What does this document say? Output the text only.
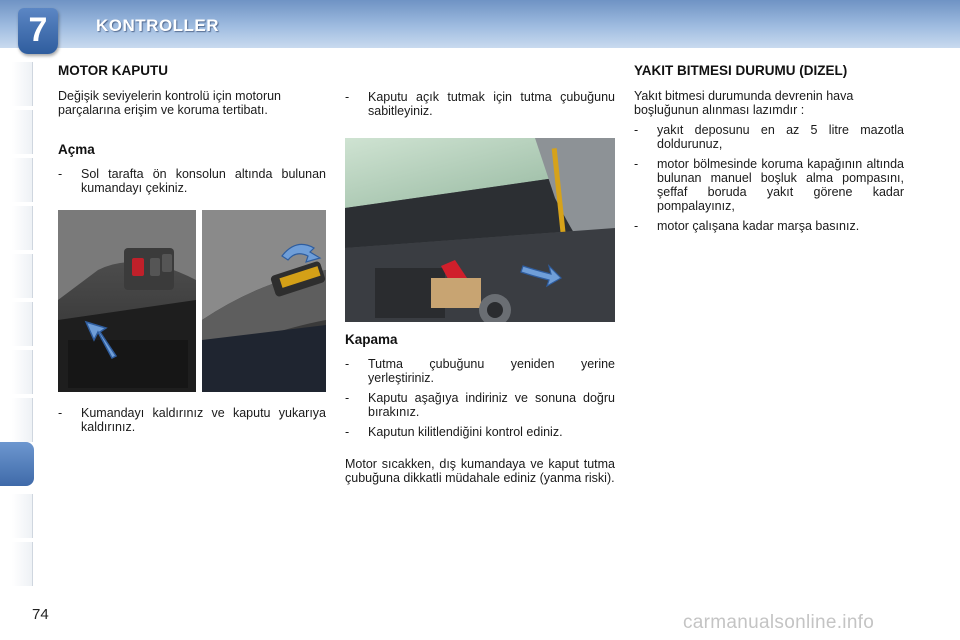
7	KONTROLLER
MOTOR KAPUTU

Değişik seviyelerin kontrolü için motorun parçalarına erişim ve koruma tertibatı.

Açma
- Sol tarafta ön konsolun altında bulunan kumandayı çekiniz.
- Kumandayı kaldırınız ve kaputu yukarıya kaldırınız.
- Kaputu açık tutmak için tutma çubuğunu sabitleyiniz.
Kapama
- Tutma çubuğunu yeniden yerine yerleştiriniz.
- Kaputu aşağıya indiriniz ve sonuna doğru bırakınız.
- Kaputun kilitlendiğini kontrol ediniz.

Motor sıcakken, dış kumandaya ve kaput tutma çubuğuna dikkatli müdahale ediniz (yanma riski).

YAKIT BITMESI DURUMU (DIZEL)

Yakıt bitmesi durumunda devrenin hava boşluğunun alınması lazımdır :

- yakıt deposunu en az 5 litre mazotla doldurunuz,
- motor bölmesinde koruma kapağının altında bulunan manuel boşluk alma pompasını, şeffaf boruda yakıt görene kadar pompalayınız,
- motor çalışana kadar marşa basınız.
74	carmanualsonline.info
